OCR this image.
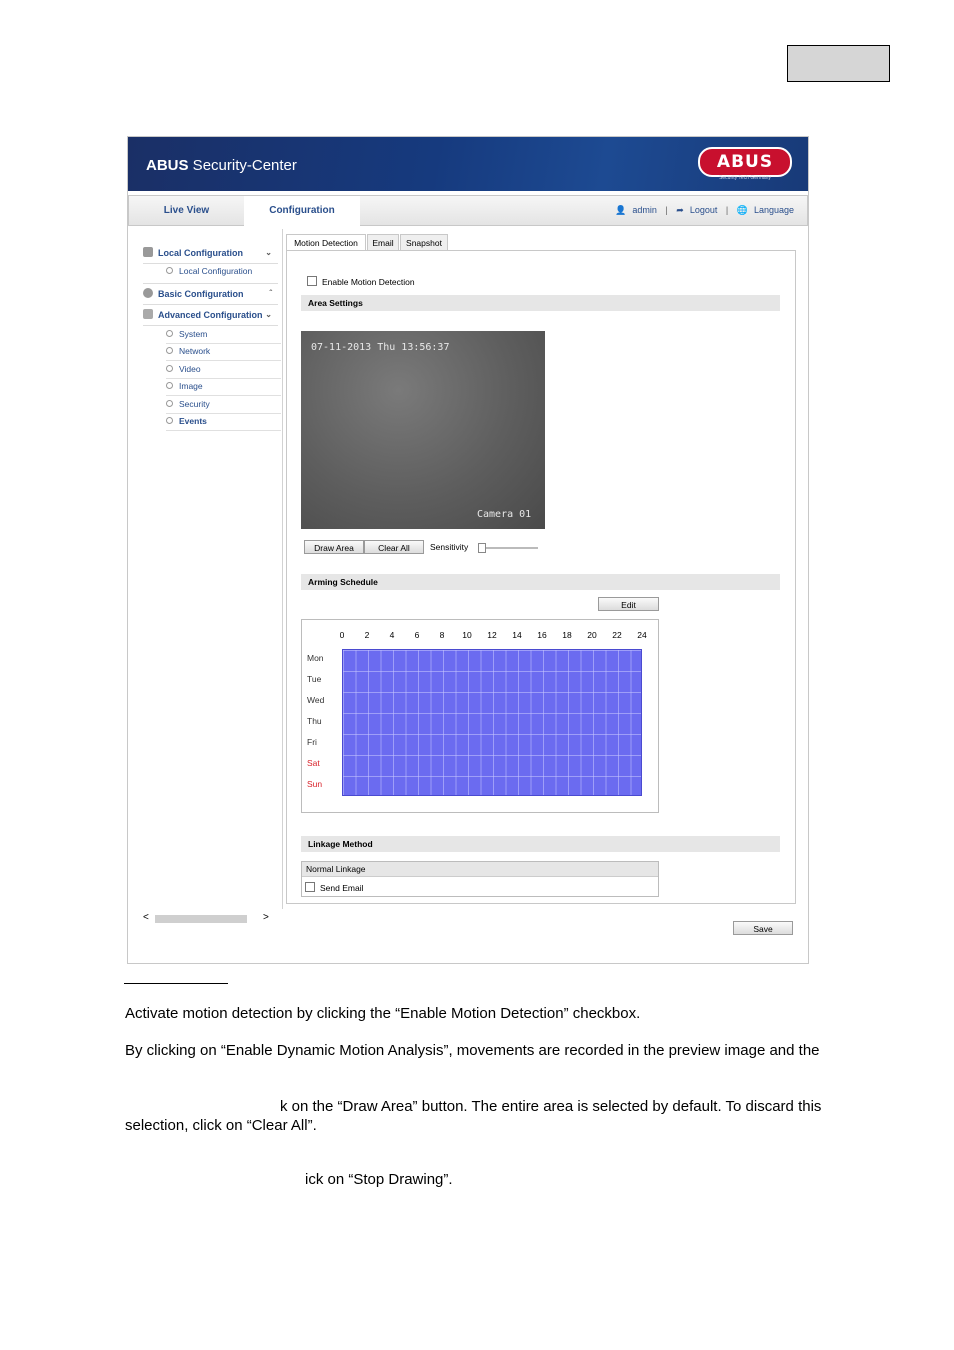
ABUS Security-Center	ABUS
Security Tech Germany
Live View	Configuration	👤 admin | ➦ Logout | 🌐 Language
Local Configuration	⌄
Local Configuration
Basic Configuration	ˆ
Advanced Configuration ⌄
System
Network
Video
Image
Security
Events
<	>
Motion Detection	Email	Snapshot
Enable Motion Detection
Area Settings
07-11-2013 Thu 13:56:37
Camera 01
Draw Area	Clear All	Sensitivity
Arming Schedule
Edit
0	2	4	6	8	10 12 14 16 18 20 22 24
Mon
Tue
Wed
Thu
Fri
Sat
Sun
Linkage Method
Normal Linkage
Send Email
Save
Activate motion detection by clicking the “Enable Motion Detection” checkbox.
By clicking on “Enable Dynamic Motion Analysis”, movements are recorded in the preview image and the
k on the “Draw Area” button. The entire area is selected by default. To discard this
selection, click on “Clear All”.
ick on “Stop Drawing”.
